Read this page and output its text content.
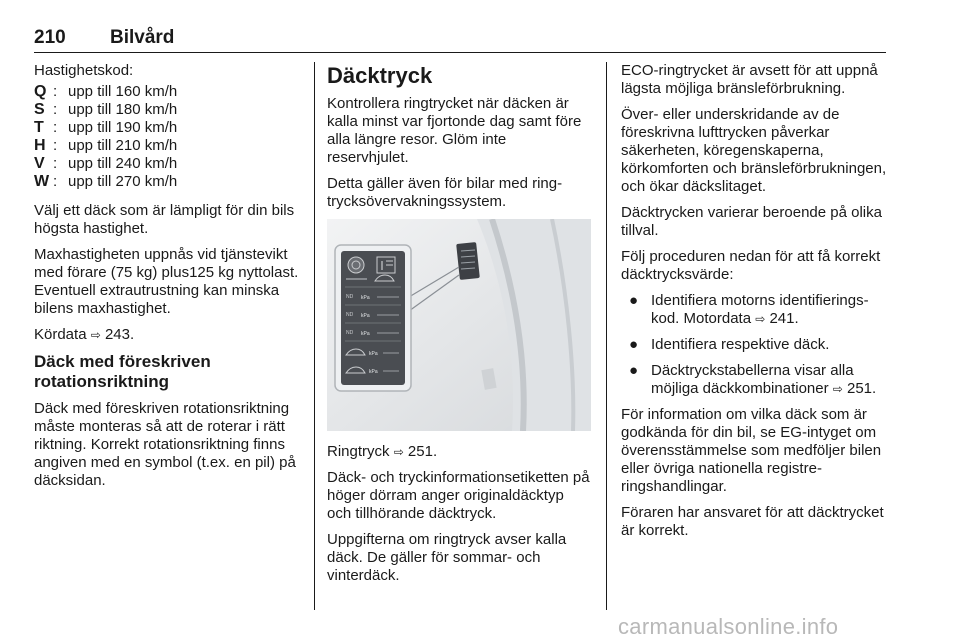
210 Bilvård

Hastighetskod:

Q : upp till 160 km/h
S : upp till 180 km/h
T : upp till 190 km/h
H : upp till 210 km/h
V : upp till 240 km/h
W : upp till 270 km/h

Välj ett däck som är lämpligt för din bils högsta hastighet.

Maxhastigheten uppnås vid tjänstevikt med förare (75 kg) plus125 kg nyttolast. Eventuell extrautrustning kan minska bilens maxhastighet.

Kördata ⇨ 243.

Däck med föreskriven rotationsriktning

Däck med föreskriven rotationsriktning måste monteras så att de roterar i rätt riktning. Korrekt rotationsriktning finns angiven med en symbol (t.ex. en pil) på däcksidan.

Däcktryck

Kontrollera ringtrycket när däcken är kalla minst var fjortonde dag samt före alla längre resor. Glöm inte reservhjulet.

Detta gäller även för bilar med ringtrycksövervakningssystem.

ND kPa
ND kPa
ND kPa
kPa
kPa

Ringtryck ⇨ 251.

Däck- och tryckinformationsetiketten på höger dörram anger originaldäcktyp och tillhörande däcktryck.

Uppgifterna om ringtryck avser kalla däck. De gäller för sommar- och vinterdäck.

ECO-ringtrycket är avsett för att uppnå lägsta möjliga bränsleförbrukning.

Över- eller underskridande av de föreskrivna lufttrycken påverkar säkerheten, köregenskaperna, körkomforten och bränsleförbrukningen, och ökar däckslitaget.

Däcktrycken varierar beroende på olika tillval.

Följ proceduren nedan för att få korrekt däcktrycksvärde:

● Identifiera motorns identifieringskod. Motordata ⇨ 241.
● Identifiera respektive däck.
● Däcktryckstabellerna visar alla möjliga däckkombinationer ⇨ 251.

För information om vilka däck som är godkända för din bil, se EG-intyget om överensstämmelse som medföljer bilen eller övriga nationella registreringshandlingar.

Föraren har ansvaret för att däcktrycket är korrekt.

carmanualsonline.info
